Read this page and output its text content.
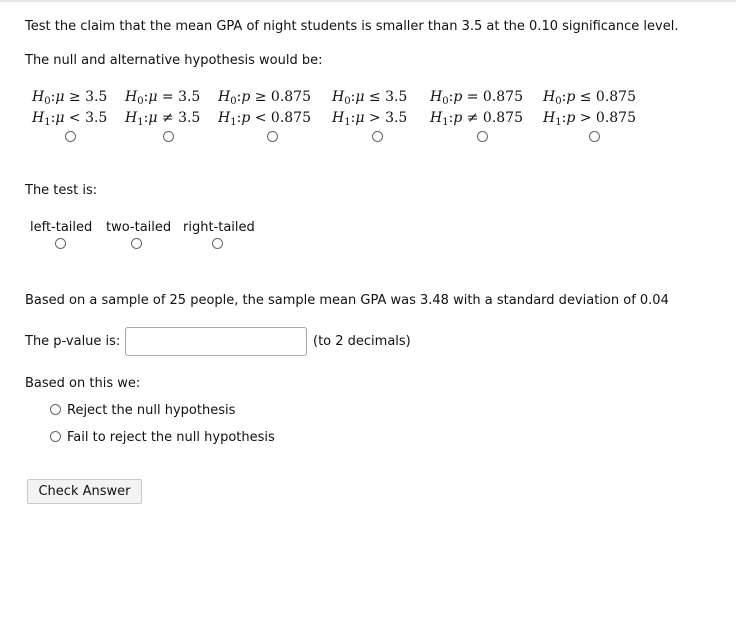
Test the claim that the mean GPA of night students is smaller than 3.5 at the 0.10 significance level.
The null and alternative hypothesis would be:
$H_0:\mu \ge 3.5$
$H_1:\mu < 3.5$
$H_0:\mu = 3.5$
$H_1:\mu \ne 3.5$
$H_0:p \ge 0.875$
$H_1:p < 0.875$
$H_0:\mu \le 3.5$
$H_1:\mu > 3.5$
$H_0:p = 0.875$
$H_1:p \ne 0.875$
$H_0:p \le 0.875$
$H_1:p > 0.875$
The test is:
left-tailed two-tailed right-tailed
Based on a sample of 25 people, the sample mean GPA was 3.48 with a standard deviation of 0.04
The p-value is:	(to 2 decimals)
Based on this we:
Reject the null hypothesis
Fail to reject the null hypothesis
Check Answer
